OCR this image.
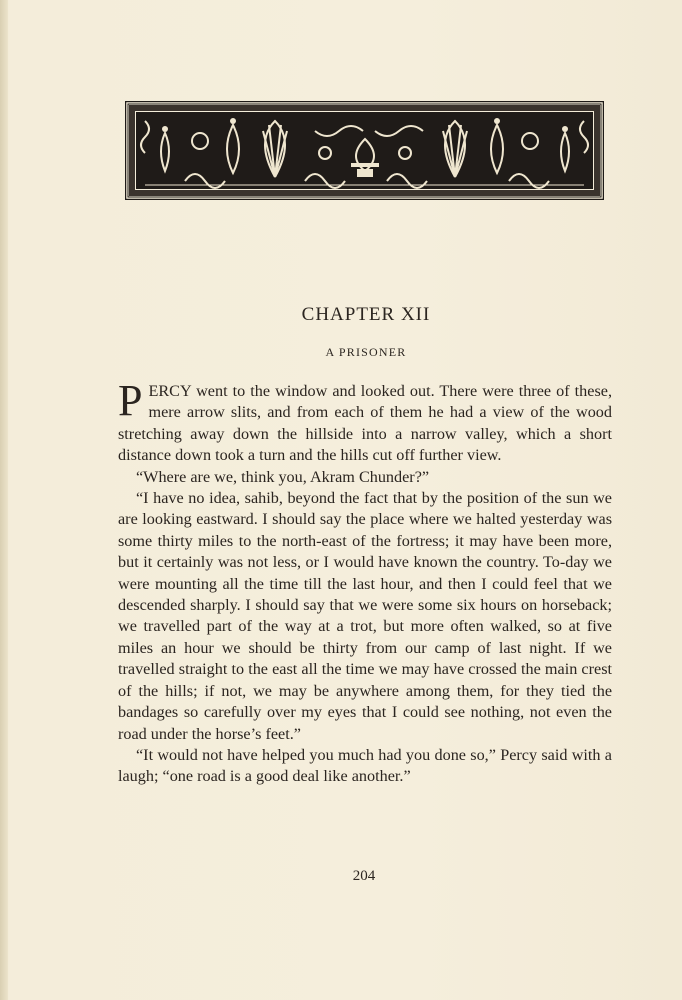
CHAPTER XII
A PRISONER

PERCY went to the window and looked out. There were three of these, mere arrow slits, and from each of them he had a view of the wood stretching away down the hillside into a narrow valley, which a short distance down took a turn and the hills cut off further view.

“Where are we, think you, Akram Chunder?”

“I have no idea, sahib, beyond the fact that by the position of the sun we are looking eastward. I should say the place where we halted yesterday was some thirty miles to the north-east of the fortress; it may have been more, but it certainly was not less, or I would have known the country. To-day we were mounting all the time till the last hour, and then I could feel that we descended sharply. I should say that we were some six hours on horseback; we travelled part of the way at a trot, but more often walked, so at five miles an hour we should be thirty from our camp of last night. If we travelled straight to the east all the time we may have crossed the main crest of the hills; if not, we may be anywhere among them, for they tied the bandages so carefully over my eyes that I could see nothing, not even the road under the horse’s feet.”

“It would not have helped you much had you done so,” Percy said with a laugh; “one road is a good deal like another.”

204
